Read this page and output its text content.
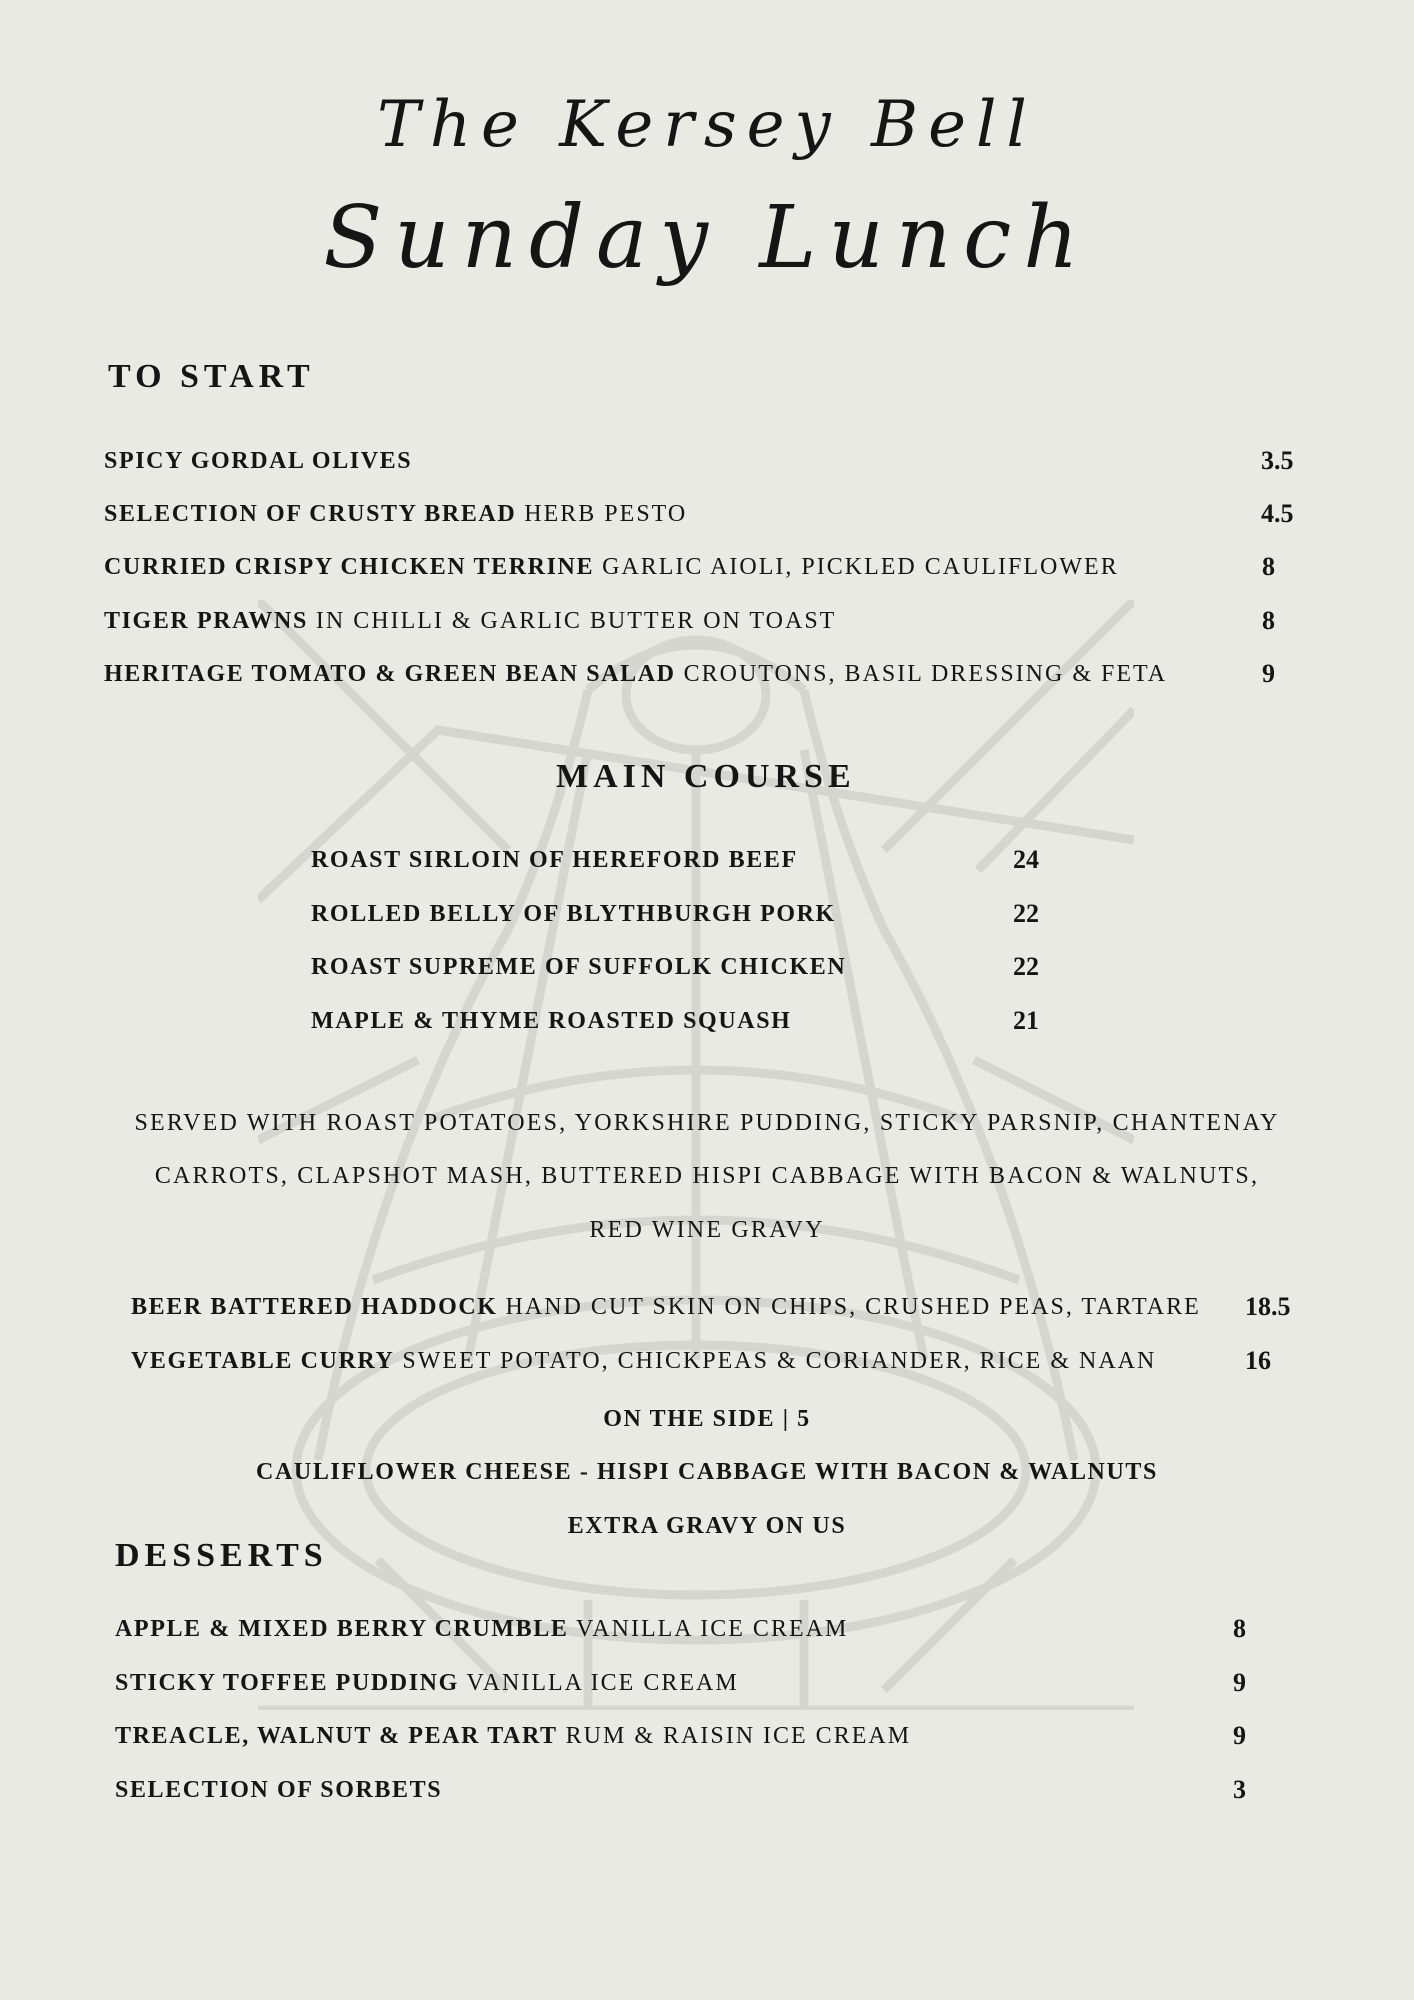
The Kersey Bell
Sunday Lunch
TO START
SPICY GORDAL OLIVES	3.5
SELECTION OF CRUSTY BREAD HERB PESTO	4.5
CURRIED CRISPY CHICKEN TERRINE GARLIC AIOLI, PICKLED CAULIFLOWER	8
TIGER PRAWNS IN CHILLI & GARLIC BUTTER ON TOAST	8
HERITAGE TOMATO & GREEN BEAN SALAD CROUTONS, BASIL DRESSING & FETA	9
MAIN COURSE
ROAST SIRLOIN OF HEREFORD BEEF	24
ROLLED BELLY OF BLYTHBURGH PORK	22
ROAST SUPREME OF SUFFOLK CHICKEN	22
MAPLE & THYME ROASTED SQUASH	21
SERVED WITH ROAST POTATOES, YORKSHIRE PUDDING, STICKY PARSNIP, CHANTENAY
CARROTS, CLAPSHOT MASH, BUTTERED HISPI CABBAGE WITH BACON & WALNUTS,
RED WINE GRAVY
BEER BATTERED HADDOCK HAND CUT SKIN ON CHIPS, CRUSHED PEAS, TARTARE 18.5
VEGETABLE CURRY SWEET POTATO, CHICKPEAS & CORIANDER, RICE & NAAN	16
ON THE SIDE | 5
CAULIFLOWER CHEESE - HISPI CABBAGE WITH BACON & WALNUTS
EXTRA GRAVY ON US
DESSERTS
APPLE & MIXED BERRY CRUMBLE VANILLA ICE CREAM	8
STICKY TOFFEE PUDDING VANILLA ICE CREAM	9
TREACLE, WALNUT & PEAR TART RUM & RAISIN ICE CREAM	9
SELECTION OF SORBETS	3
